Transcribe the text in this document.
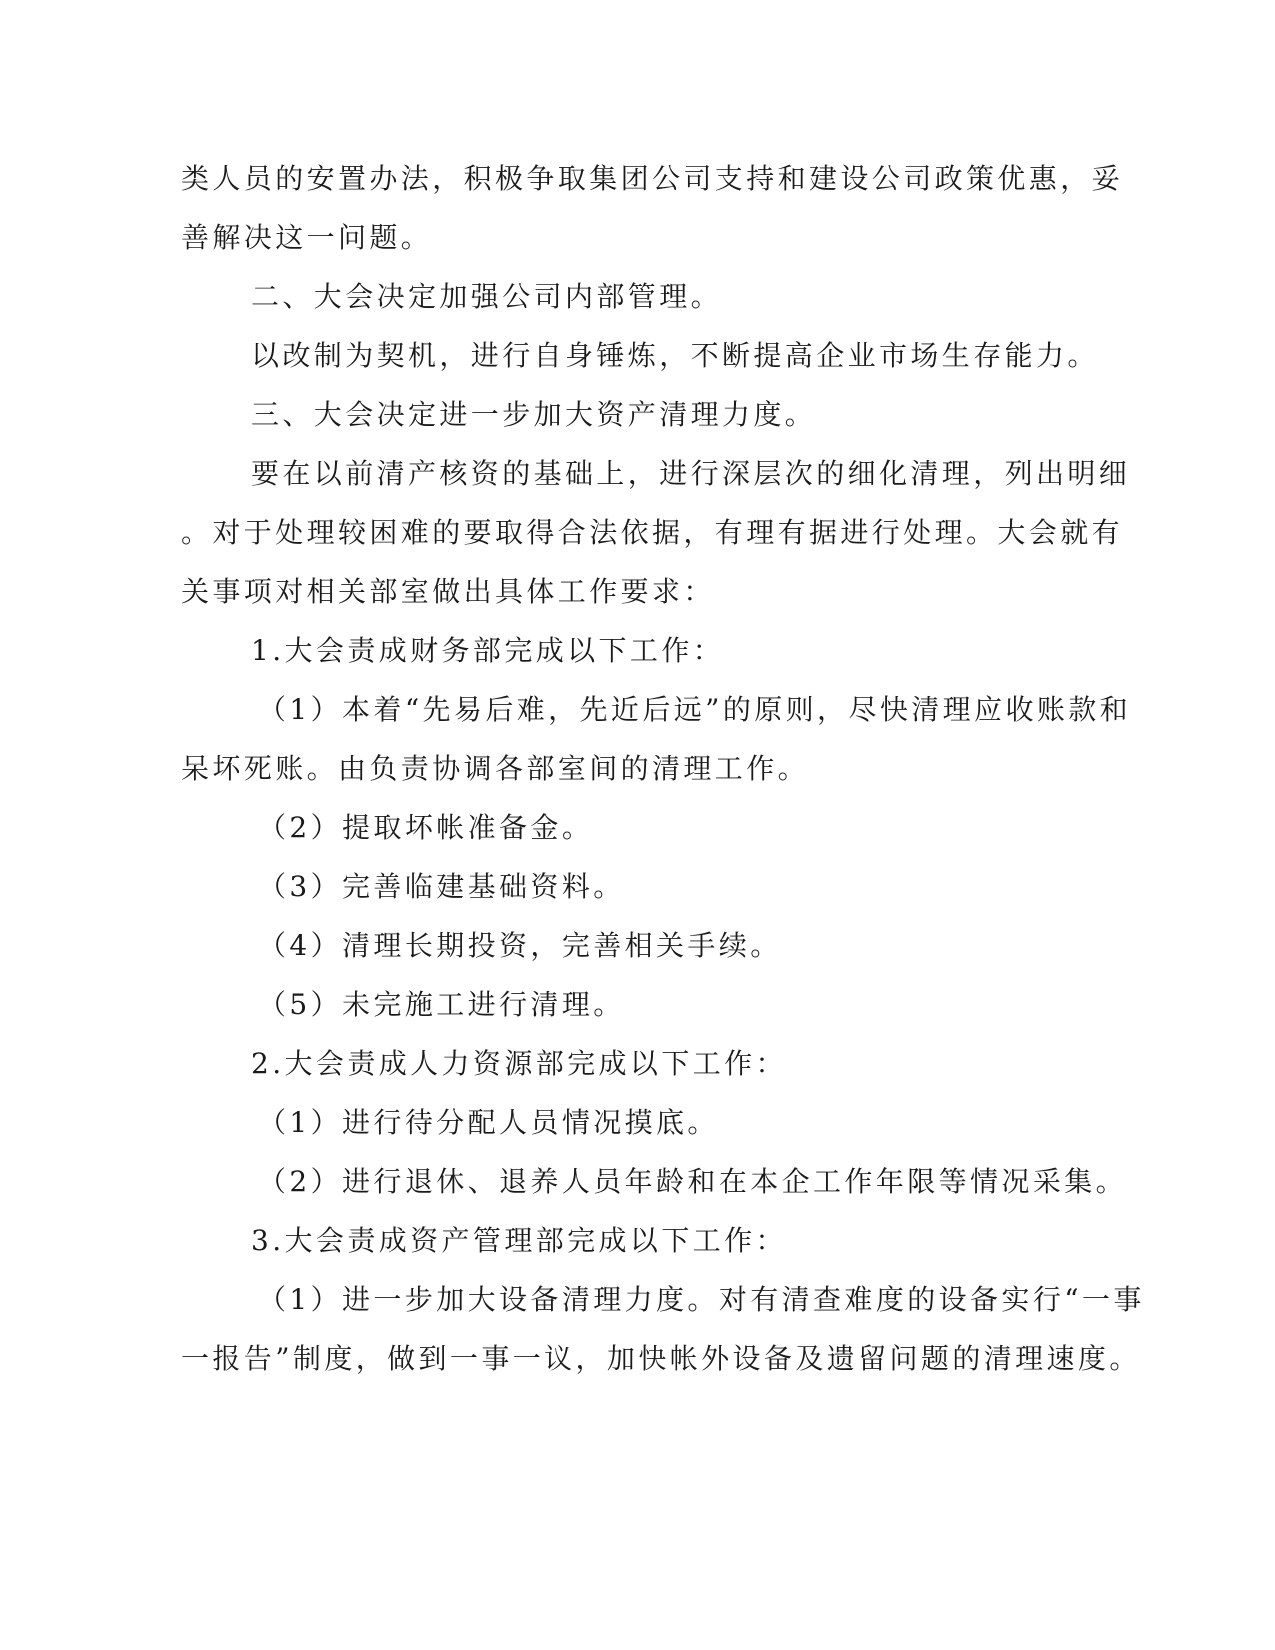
类人员的安置办法，积极争取集团公司支持和建设公司政策优惠，妥
善解决这一问题。
二、大会决定加强公司内部管理。
以改制为契机，进行自身锤炼，不断提高企业市场生存能力。
三、大会决定进一步加大资产清理力度。
要在以前清产核资的基础上，进行深层次的细化清理，列出明细
。对于处理较困难的要取得合法依据，有理有据进行处理。大会就有
关事项对相关部室做出具体工作要求：
1.大会责成财务部完成以下工作：
（1）本着“先易后难，先近后远”的原则，尽快清理应收账款和
呆坏死账。由负责协调各部室间的清理工作。
（2）提取坏帐准备金。
（3）完善临建基础资料。
（4）清理长期投资，完善相关手续。
（5）未完施工进行清理。
2.大会责成人力资源部完成以下工作：
（1）进行待分配人员情况摸底。
（2）进行退休、退养人员年龄和在本企工作年限等情况采集。
3.大会责成资产管理部完成以下工作：
（1）进一步加大设备清理力度。对有清查难度的设备实行“一事
一报告”制度，做到一事一议，加快帐外设备及遗留问题的清理速度。
